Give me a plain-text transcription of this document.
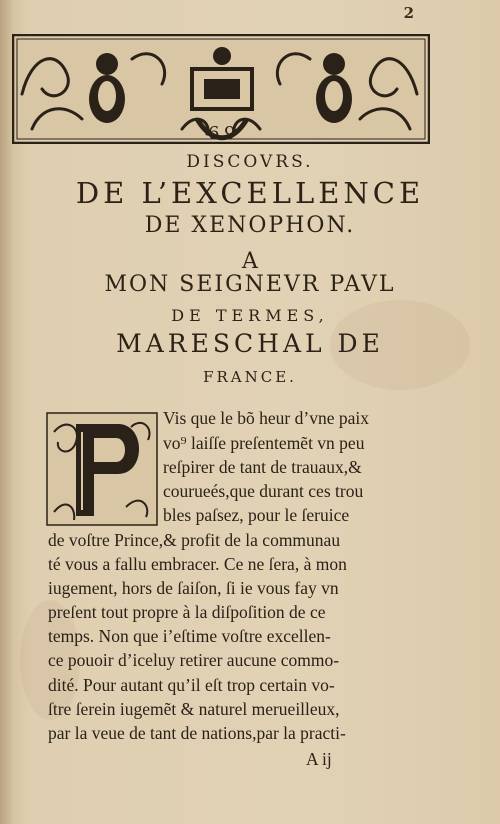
2
6 9
DISCOVRS.
DE L’EXCELLENCE
DE XENOPHON.
A
MON SEIGNEVR PAVL
DE TERMES,
MARESCHAL DE
FRANCE.
Vis que le bõ heur d’vne paix
vo⁹ laiſſe preſentemẽt vn peu
reſpirer de tant de trauaux,&
courueés,que durant ces trou
bles paſsez, pour le ſeruice
de voſtre Prince,& profit de la communau
té vous a fallu embracer. Ce ne ſera, à mon
iugement, hors de ſaiſon, ſi ie vous fay vn
preſent tout propre à la diſpoſition de ce
temps. Non que i’eſtime voſtre excellen-
ce pouoir d’iceluy retirer aucune commo-
dité. Pour autant qu’il eſt trop certain vo-
ſtre ſerein iugemẽt & naturel merueilleux,
par la veue de tant de nations,par la practi-
A ij
